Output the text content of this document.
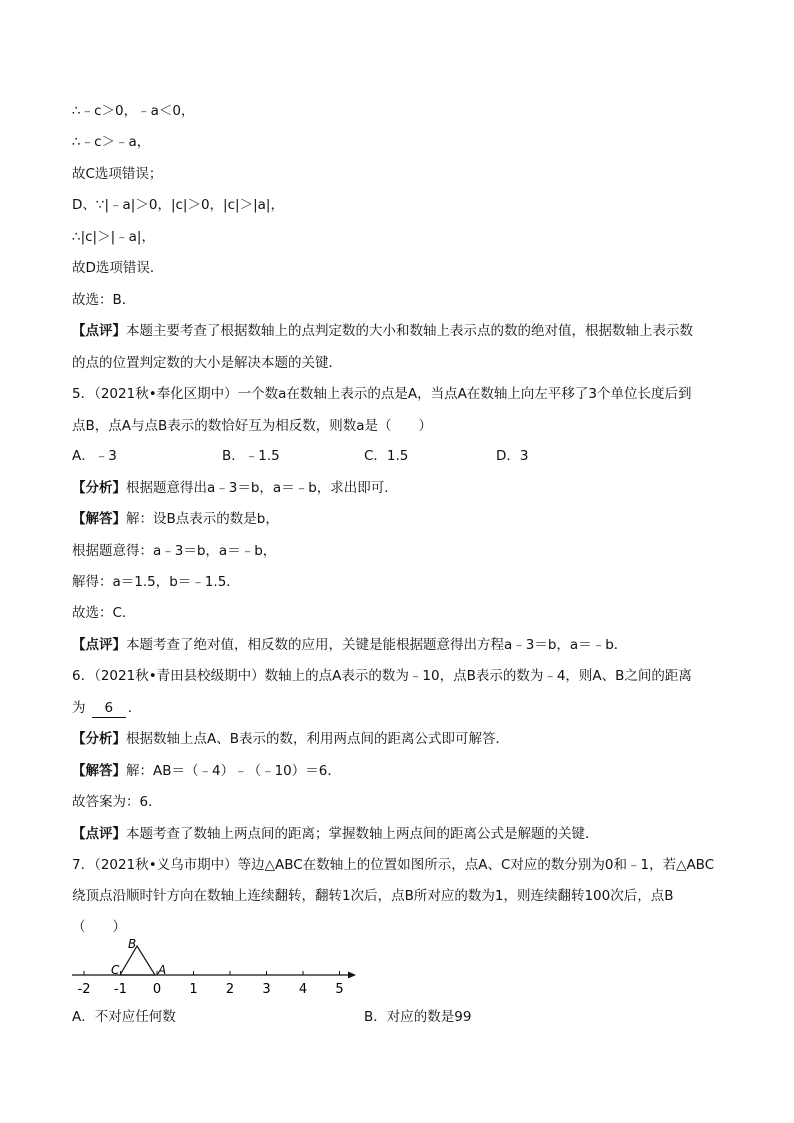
∴﹣c＞0，﹣a＜0，
∴﹣c＞﹣a，
故C选项错误；
D、∵|﹣a|＞0，|c|＞0，|c|＞|a|，
∴|c|＞|﹣a|，
故D选项错误．
故选：B．
【点评】本题主要考查了根据数轴上的点判定数的大小和数轴上表示点的数的绝对值，根据数轴上表示数
的点的位置判定数的大小是解决本题的关键．
5．（2021秋•奉化区期中）一个数a在数轴上表示的点是A，当点A在数轴上向左平移了3个单位长度后到
点B，点A与点B表示的数恰好互为相反数，则数a是（　　）
A．﹣3	B．﹣1.5	C．1.5	D．3
【分析】根据题意得出a﹣3＝b，a＝﹣b，求出即可．
【解答】解：设B点表示的数是b，
根据题意得：a﹣3＝b，a＝﹣b，
解得：a＝1.5，b＝﹣1.5．
故选：C．
【点评】本题考查了绝对值，相反数的应用，关键是能根据题意得出方程a﹣3＝b，a＝﹣b．
6．（2021秋•青田县校级期中）数轴上的点A表示的数为﹣10，点B表示的数为﹣4，则A、B之间的距离
为 6 ．
【分析】根据数轴上点A、B表示的数，利用两点间的距离公式即可解答．
【解答】解：AB＝（﹣4）﹣（﹣10）＝6．
故答案为：6．
【点评】本题考查了数轴上两点间的距离；掌握数轴上两点间的距离公式是解题的关键．
7．（2021秋•义乌市期中）等边△ABC在数轴上的位置如图所示，点A、C对应的数分别为0和﹣1，若△ABC
绕顶点沿顺时针方向在数轴上连续翻转，翻转1次后，点B所对应的数为1，则连续翻转100次后，点B
（　　）
-2 -1 0 1 2 3 4 5
B
C	A
A．不对应任何数	B．对应的数是99
